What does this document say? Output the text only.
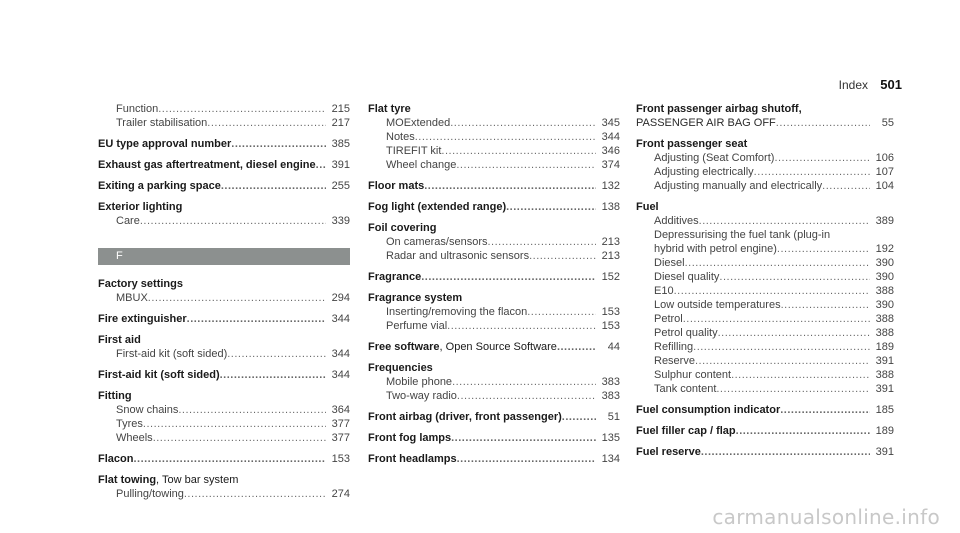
Index 501
Function .....	215
Trailer stabilisation .....	217
EU type approval number .....	385
Exhaust gas aftertreatment, diesel engine .....	391
Exiting a parking space .....	255
Exterior lighting
Care .....	339
F
Factory settings
MBUX .....	294
Fire extinguisher .....	344
First aid
First-aid kit (soft sided) .....	344
First-aid kit (soft sided) .....	344
Fitting
Snow chains .....	364
Tyres .....	377
Wheels .....	377
Flacon .....	153
Flat towing, Tow bar system
Pulling/towing .....	274
Flat tyre
MOExtended .....	345
Notes .....	344
TIREFIT kit .....	346
Wheel change .....	374
Floor mats .....	132
Fog light (extended range) .....	138
Foil covering
On cameras/sensors .....	213
Radar and ultrasonic sensors .....	213
Fragrance .....	152
Fragrance system
Inserting/removing the flacon .....	153
Perfume vial .....	153
Free software, Open Source Software .....	44
Frequencies
Mobile phone .....	383
Two-way radio .....	383
Front airbag (driver, front passenger) .....	51
Front fog lamps .....	135
Front headlamps .....	134
Front passenger airbag shutoff,
PASSENGER AIR BAG OFF .....	55
Front passenger seat
Adjusting (Seat Comfort) .....	106
Adjusting electrically .....	107
Adjusting manually and electrically .....	104
Fuel
Additives .....	389
Depressurising the fuel tank (plug-in
hybrid with petrol engine) .....	192
Diesel .....	390
Diesel quality .....	390
E10 .....	388
Low outside temperatures .....	390
Petrol .....	388
Petrol quality .....	388
Refilling .....	189
Reserve .....	391
Sulphur content .....	388
Tank content .....	391
Fuel consumption indicator .....	185
Fuel filler cap / flap .....	189
Fuel reserve .....	391
carmanualsonline.info
